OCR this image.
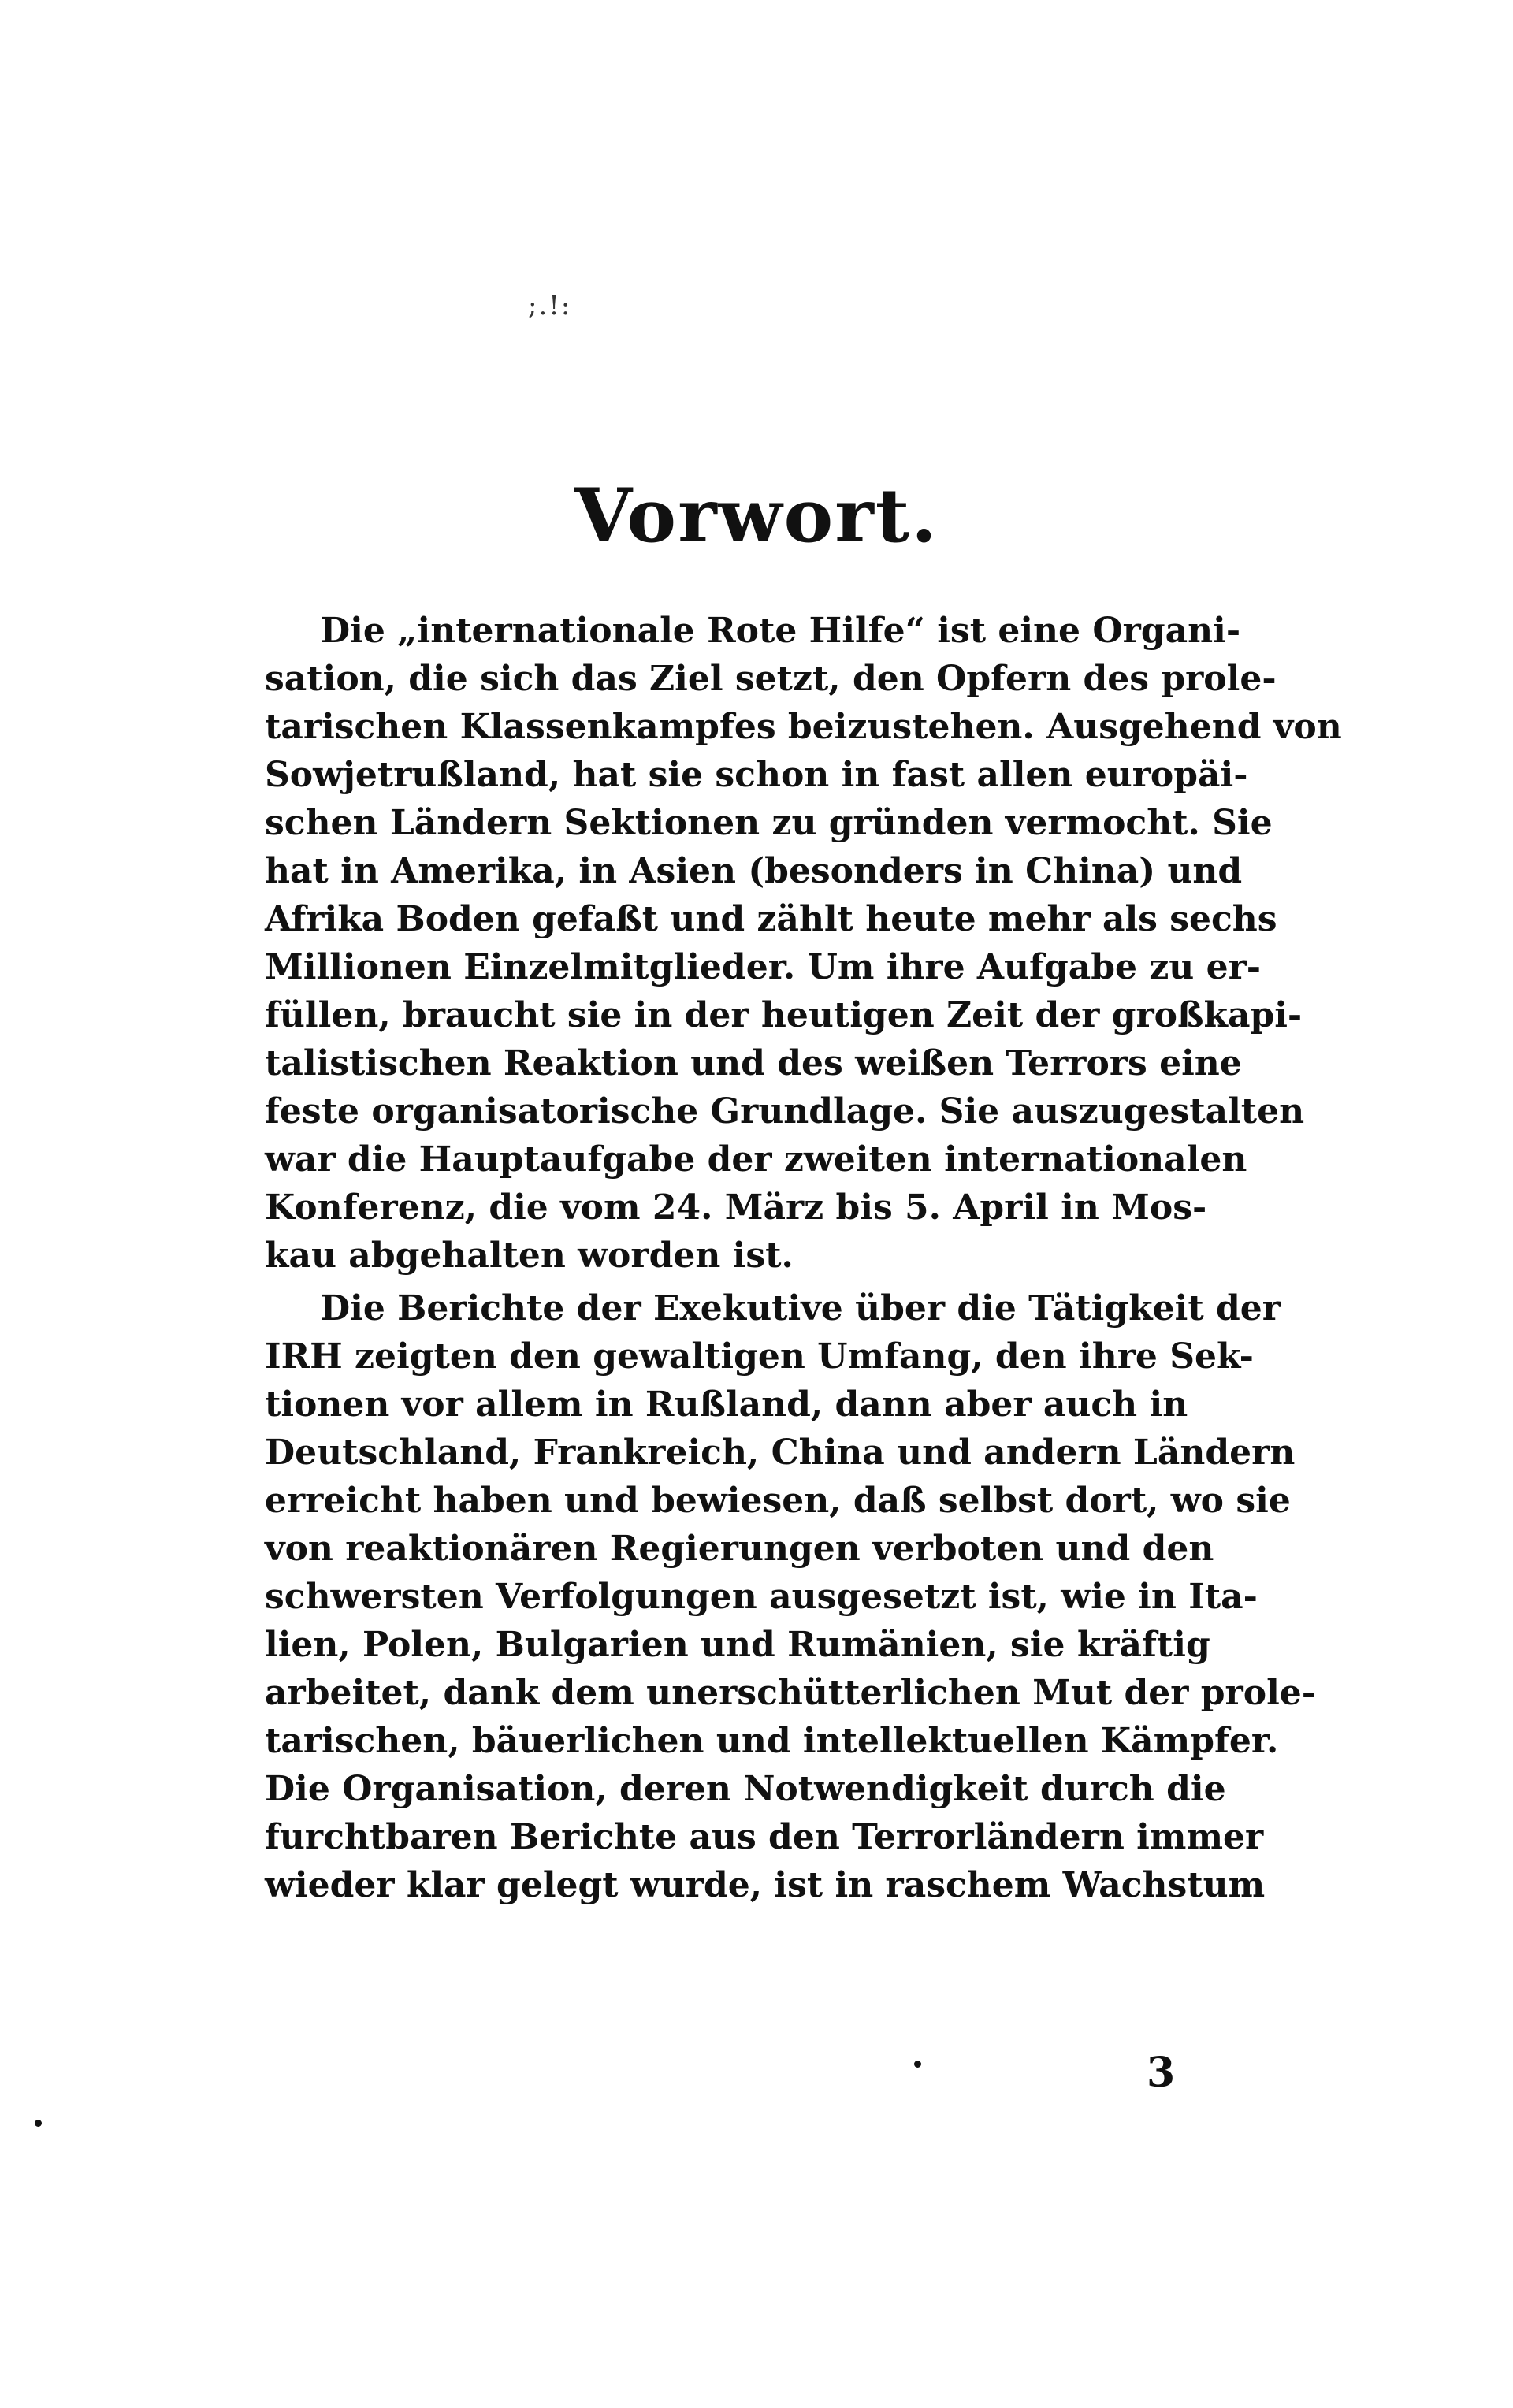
;.!:
Vorwort.
Die „internationale Rote Hilfe“ ist eine Organi-
sation, die sich das Ziel setzt, den Opfern des prole-
tarischen Klassenkampfes beizustehen. Ausgehend von
Sowjetrußland, hat sie schon in fast allen europäi-
schen Ländern Sektionen zu gründen vermocht. Sie
hat in Amerika, in Asien (besonders in China) und
Afrika Boden gefaßt und zählt heute mehr als sechs
Millionen Einzelmitglieder. Um ihre Aufgabe zu er-
füllen, braucht sie in der heutigen Zeit der großkapi-
talistischen Reaktion und des weißen Terrors eine
feste organisatorische Grundlage. Sie auszugestalten
war die Hauptaufgabe der zweiten internationalen
Konferenz, die vom 24. März bis 5. April in Mos-
kau abgehalten worden ist.
Die Berichte der Exekutive über die Tätigkeit der
IRH zeigten den gewaltigen Umfang, den ihre Sek-
tionen vor allem in Rußland, dann aber auch in
Deutschland, Frankreich, China und andern Ländern
erreicht haben und bewiesen, daß selbst dort, wo sie
von reaktionären Regierungen verboten und den
schwersten Verfolgungen ausgesetzt ist, wie in Ita-
lien, Polen, Bulgarien und Rumänien, sie kräftig
arbeitet, dank dem unerschütterlichen Mut der prole-
tarischen, bäuerlichen und intellektuellen Kämpfer.
Die Organisation, deren Notwendigkeit durch die
furchtbaren Berichte aus den Terrorländern immer
wieder klar gelegt wurde, ist in raschem Wachstum
3
